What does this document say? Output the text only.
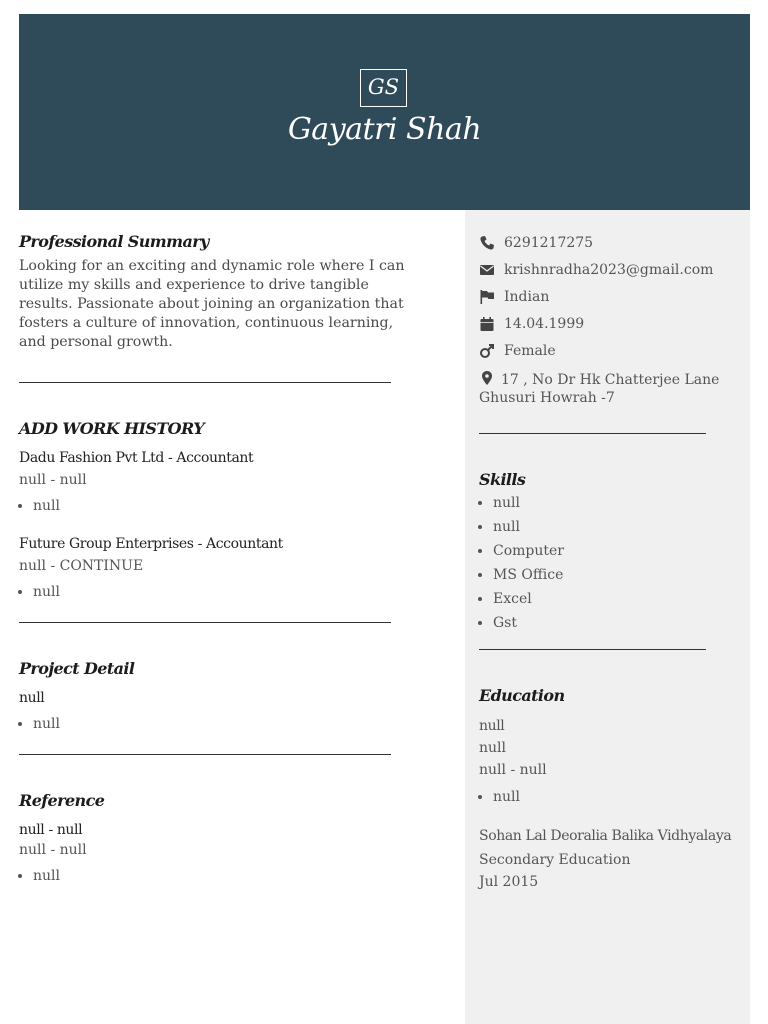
GS
Gayatri Shah
Professional Summary

Looking for an exciting and dynamic role where I can utilize my skills and experience to drive tangible results. Passionate about joining an organization that fosters a culture of innovation, continuous learning, and personal growth.

ADD WORK HISTORY

Dadu Fashion Pvt Ltd - Accountant

null - null

• null

Future Group Enterprises - Accountant

null - CONTINUE

• null
Project Detail

null

• null
Reference

null - null

null - null

• null
6291217275
krishnradha2023@gmail.com
Indian
14.04.1999
Female
17 , No Dr Hk Chatterjee Lane Ghusuri Howrah -7
Skills
• null
• null
• Computer
• MS Office
• Excel
• Gst
Education

null

null

null - null

• null

Sohan Lal Deoralia Balika Vidhyalaya

Secondary Education

Jul 2015
